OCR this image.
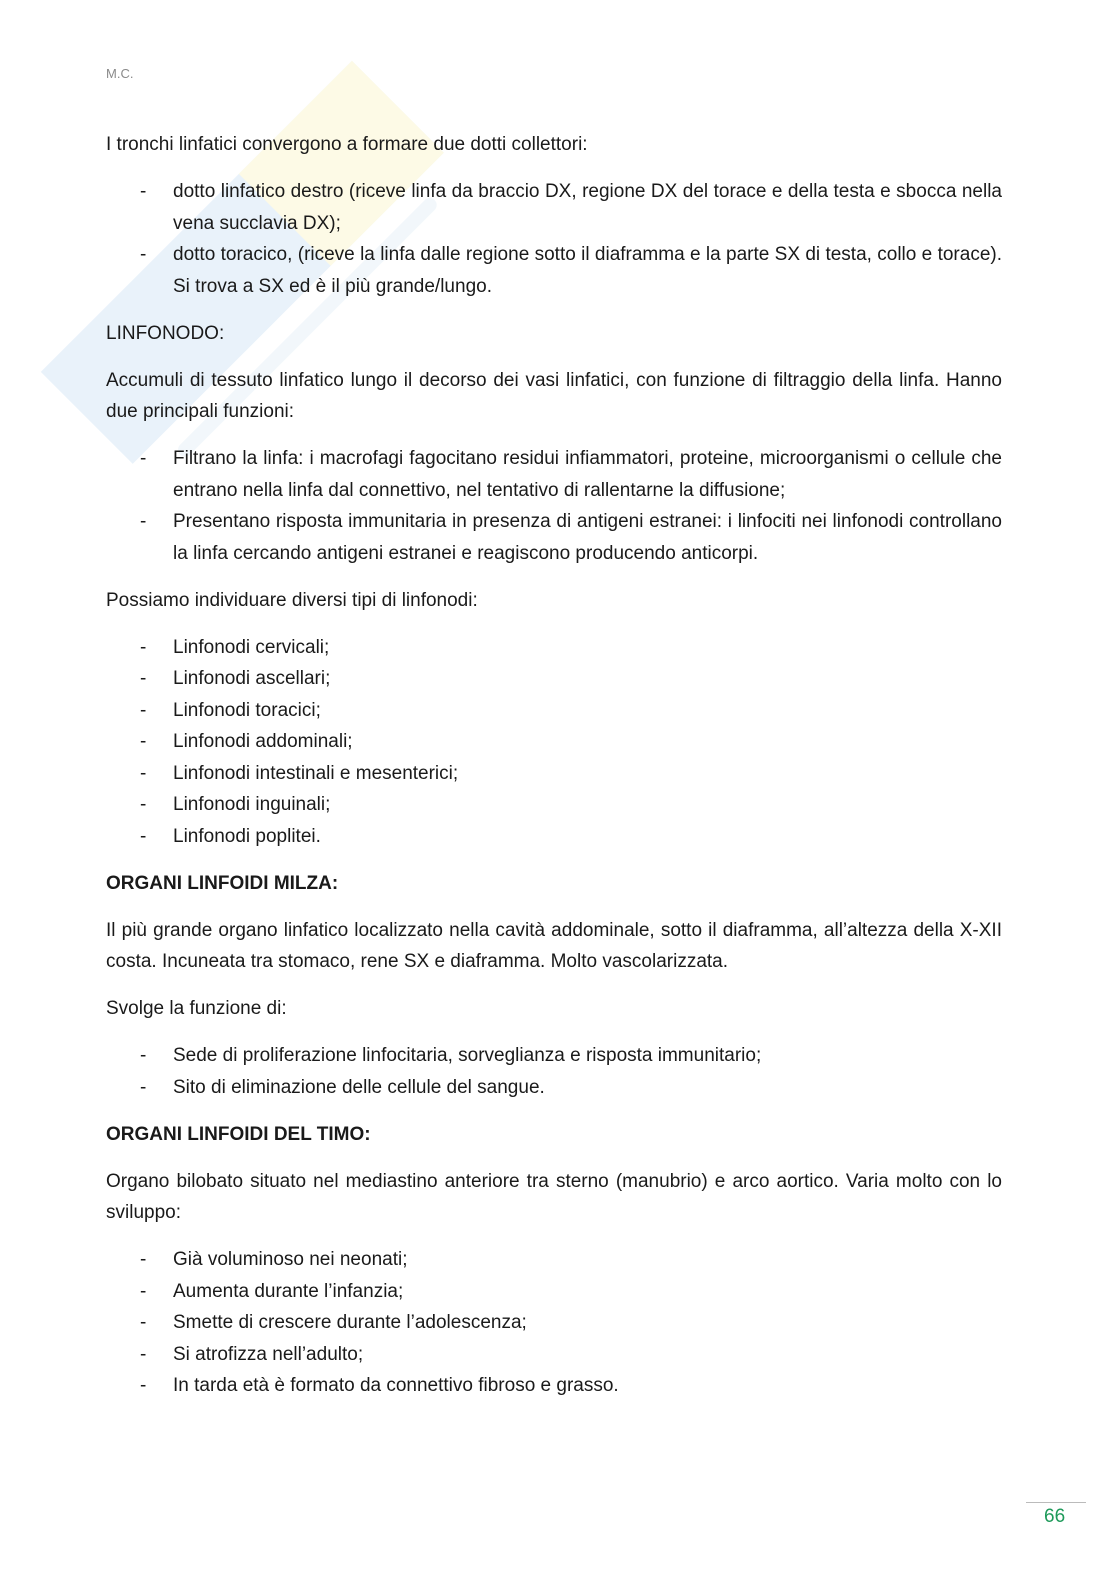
M.C.
I tronchi linfatici convergono a formare due dotti collettori:
- dotto linfatico destro (riceve linfa da braccio DX, regione DX del torace e della testa e sbocca nella vena succlavia DX);
- dotto toracico, (riceve la linfa dalle regione sotto il diaframma e la parte SX di testa, collo e torace). Si trova a SX ed è il più grande/lungo.
LINFONODO:
Accumuli di tessuto linfatico lungo il decorso dei vasi linfatici, con funzione di filtraggio della linfa. Hanno due principali funzioni:
- Filtrano la linfa: i macrofagi fagocitano residui infiammatori, proteine, microorganismi o cellule che entrano nella linfa dal connettivo, nel tentativo di rallentarne la diffusione;
- Presentano risposta immunitaria in presenza di antigeni estranei: i linfociti nei linfonodi controllano la linfa cercando antigeni estranei e reagiscono producendo anticorpi.
Possiamo individuare diversi tipi di linfonodi:
- Linfonodi cervicali;
- Linfonodi ascellari;
- Linfonodi toracici;
- Linfonodi addominali;
- Linfonodi intestinali e mesenterici;
- Linfonodi inguinali;
- Linfonodi poplitei.
ORGANI LINFOIDI MILZA:
Il più grande organo linfatico localizzato nella cavità addominale, sotto il diaframma, all’altezza della X-XII costa. Incuneata tra stomaco, rene SX e diaframma. Molto vascolarizzata.
Svolge la funzione di:
- Sede di proliferazione linfocitaria, sorveglianza e risposta immunitario;
- Sito di eliminazione delle cellule del sangue.
ORGANI LINFOIDI DEL TIMO:
Organo bilobato situato nel mediastino anteriore tra sterno (manubrio) e arco aortico. Varia molto con lo sviluppo:
- Già voluminoso nei neonati;
- Aumenta durante l’infanzia;
- Smette di crescere durante l’adolescenza;
- Si atrofizza nell’adulto;
- In tarda età è formato da connettivo fibroso e grasso.
66
